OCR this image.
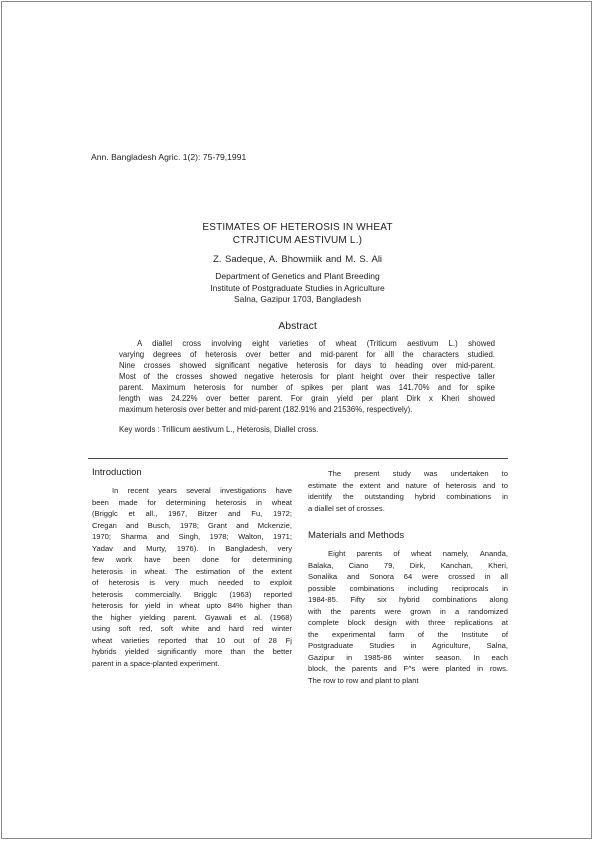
Ann. Bangladesh Agric. 1(2): 75-79,1991
ESTIMATES OF HETEROSIS IN WHEAT
CTRJTICUM AESTIVUM L.)
Z. Sadeque, A. Bhowmiik and M. S. Ali
Department of Genetics and Plant Breeding
Institute of Postgraduate Studies in Agriculture
Salna, Gazipur 1703, Bangladesh
Abstract
A diallel cross involving eight varieties of wheat (Triticum aestivum L.) showed
varying degrees of heterosis over better and mid-parent for alll the characters studied.
Nine crosses showed significant negative heterosis for days to heading over mid-parent.
Most of the crosses showed negative heterosis for plant height over their respective taller
parent. Maximum heterosis for number of spikes per plant was 141.70% and for spike
length was 24.22% over better parent. For grain yield per plant Dirk x Kheri showed
maximum heterosis over better and mid-parent (182.91% and 21536%, respectively).
Key words : Trillicum aestivum L., Heterosis, Diallel cross.
Introduction
In recent years several investigations have
been made for determining heterosis in wheat
(Brigglc et all., 1967, Bitzer and Fu, 1972;
Cregan and Busch, 1978; Grant and Mckenzie,
1970; Sharma and Singh, 1978; Walton, 1971;
Yadav and Murty, 1976). In Bangladesh, very
few work have been done for determining
heterosis in wheat. The estimation of the extent
of heterosis is very much needed to exploit
heterosis commercialIy. Brigglc (1963) reported
heterosis for yield in wheat upto 84% higher than
the higher yielding parent. Gyawali et al. (1968)
using soft red, soft white and hard red winter
wheat varieties reported that 10 out of 28 Fj
hybrids yielded significantly more than the better
parent in a space-planted experiment.
The present study was undertaken to
estimate the extent and nature of heterosis and to
identify the outstanding hybrid combinations in
a diallel set of crosses.
Materials and Methods
Eight parents of wheat namely, Ananda,
Balaka, Ciano 79, Dirk, Kanchan, Kheri,
Sonalika and Sonora 64 were crossed in all
possible combinations including reciprocals in
1984-85. Fifty six hybrid combinations along
with the parents were grown in a randomized
complete block design with three replications at
the experimental farm of the Institute of
Postgraduate Studies in Agriculture, Salna,
Gazipur in 1985-86 winter season. In each
block, the parents and F^s were planted in rows.
The row to row and plant to plant
